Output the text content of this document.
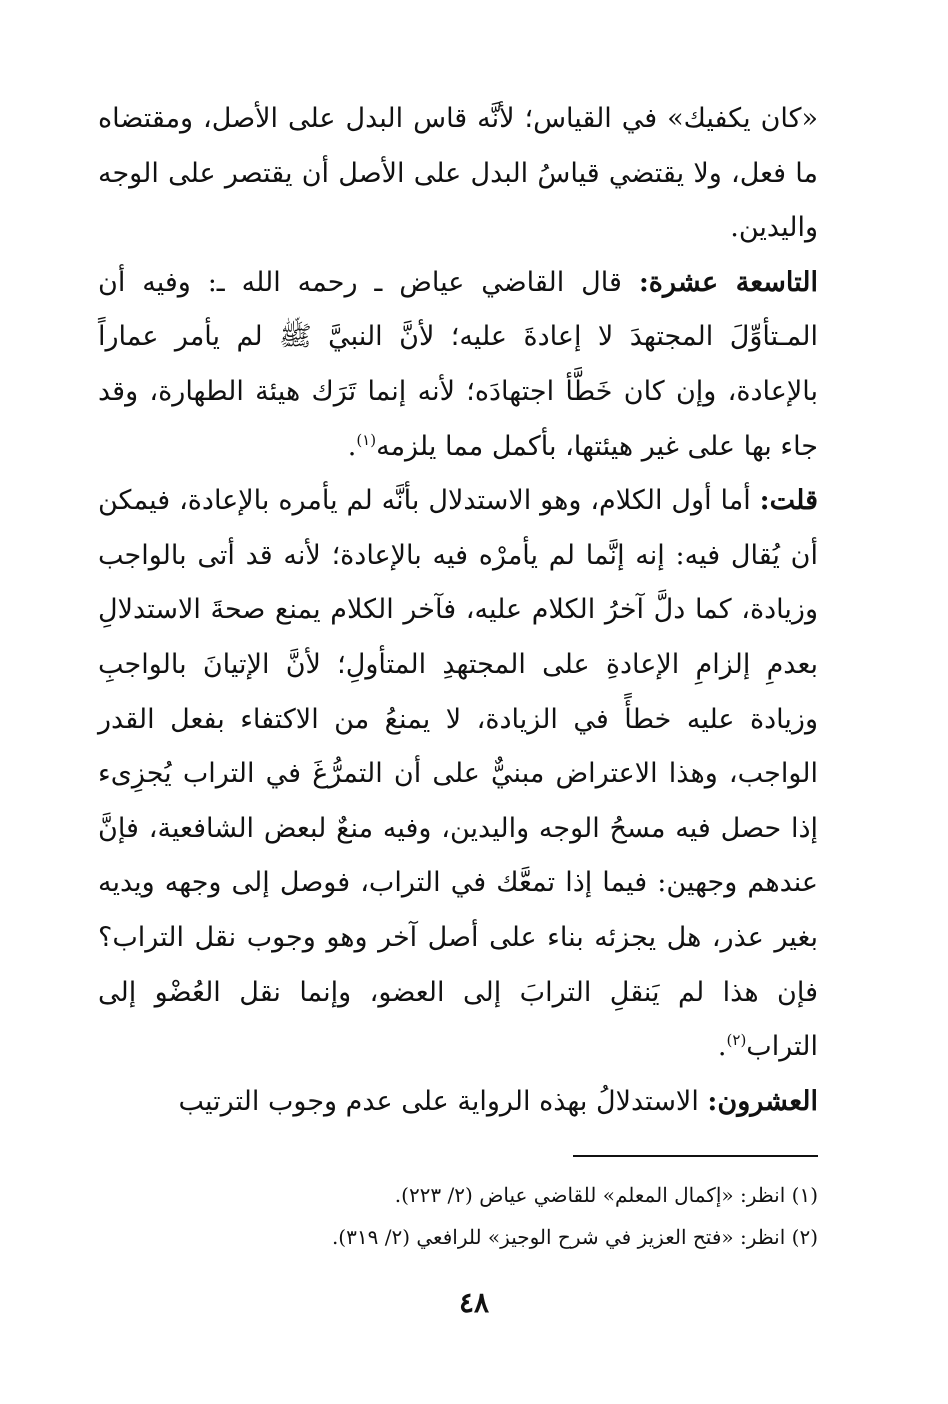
«كان يكفيك» في القياس؛ لأنَّه قاس البدل على الأصل، ومقتضاه ما فعل، ولا يقتضي قياسُ البدل على الأصل أن يقتصر على الوجه واليدين.

التاسعة عشرة: قال القاضي عياض ـ رحمه الله ـ: وفيه أن المـتأوِّلَ المجتهدَ لا إعادةَ عليه؛ لأنَّ النبيَّ ﷺ لم يأمر عماراً بالإعادة، وإن كان خَطَّأ اجتهادَه؛ لأنه إنما تَرَك هيئة الطهارة، وقد جاء بها على غير هيئتها، بأكمل مما يلزمه$^{(١)}$.

قلت: أما أول الكلام، وهو الاستدلال بأنَّه لم يأمره بالإعادة، فيمكن أن يُقال فيه: إنه إنَّما لم يأمرْه فيه بالإعادة؛ لأنه قد أتى بالواجب وزيادة، كما دلَّ آخرُ الكلام عليه، فآخر الكلام يمنع صحةَ الاستدلالِ بعدمِ إلزامِ الإعادةِ على المجتهدِ المتأولِ؛ لأنَّ الإتيانَ بالواجبِ وزيادة عليه خطأً في الزيادة، لا يمنعُ من الاكتفاء بفعل القدر الواجب، وهذا الاعتراض مبنيٌّ على أن التمرُّغَ في التراب يُجزِىء إذا حصل فيه مسحُ الوجه واليدين، وفيه منعٌ لبعض الشافعية، فإنَّ عندهم وجهين: فيما إذا تمعَّك في التراب، فوصل إلى وجهه ويديه بغير عذر، هل يجزئه بناء على أصل آخر وهو وجوب نقل التراب؟ فإن هذا لم يَنقلِ الترابَ إلى العضو، وإنما نقل العُضْو إلى التراب$^{(٢)}$.

العشرون: الاستدلالُ بهذه الرواية على عدم وجوب الترتيب

(١) انظر: «إكمال المعلم» للقاضي عياض (٢/ ٢٢٣).

(٢) انظر: «فتح العزيز في شرح الوجيز» للرافعي (٢/ ٣١٩).

٤٨
